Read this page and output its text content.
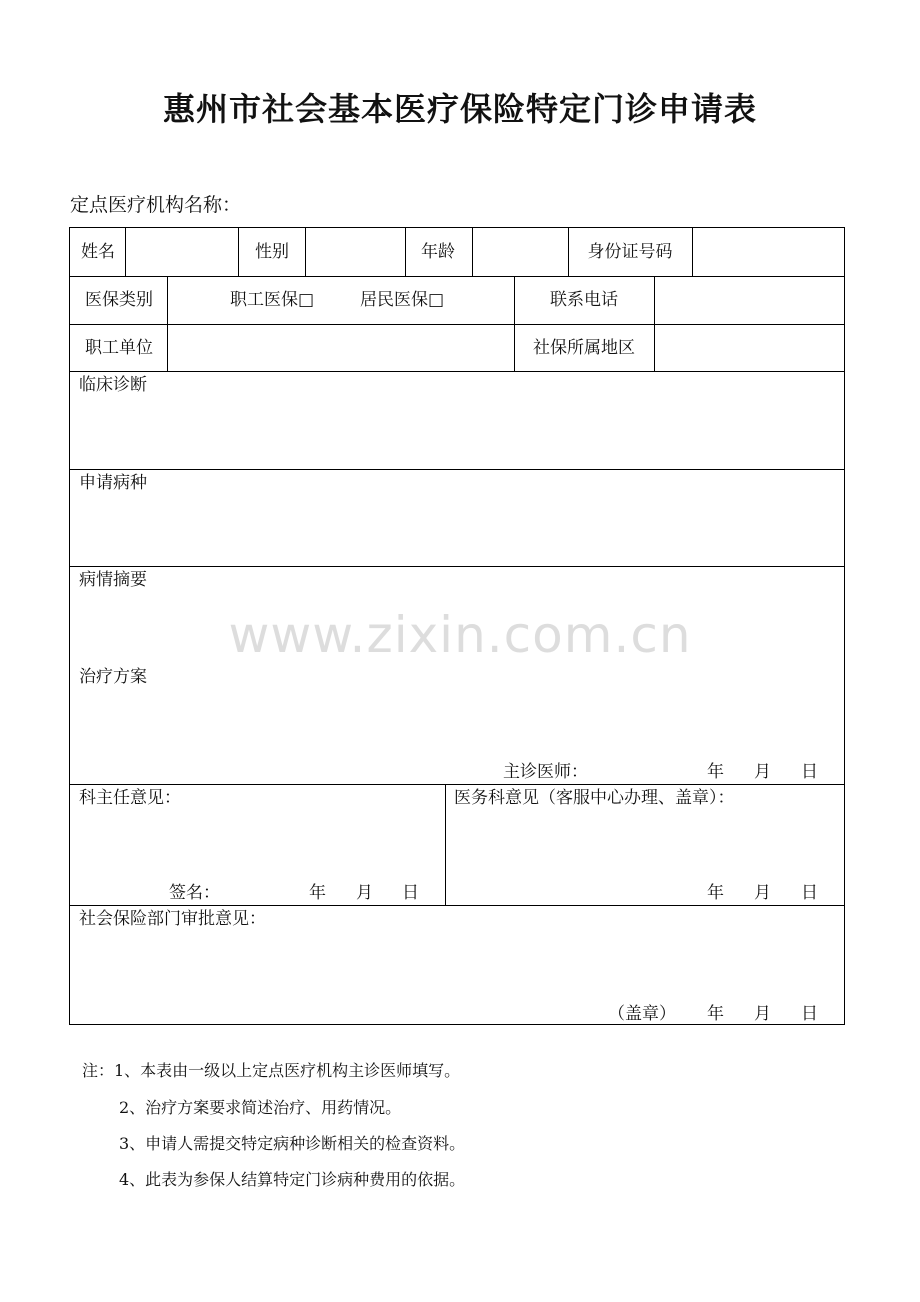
惠州市社会基本医疗保险特定门诊申请表
定点医疗机构名称：
姓名	性别	年龄	身份证号码
医保类别	职工医保□	居民医保□	联系电话
职工单位	社保所属地区
临床诊断
申请病种
病情摘要
治疗方案
主诊医师：	年 月 日
科主任意见：
签名：	年 月 日
医务科意见（客服中心办理、盖章）：
年 月 日
社会保险部门审批意见：
（盖章） 年 月 日
www.zixin.com.cn
注：1、本表由一级以上定点医疗机构主诊医师填写。
2、治疗方案要求简述治疗、用药情况。
3、申请人需提交特定病种诊断相关的检查资料。
4、此表为参保人结算特定门诊病种费用的依据。
